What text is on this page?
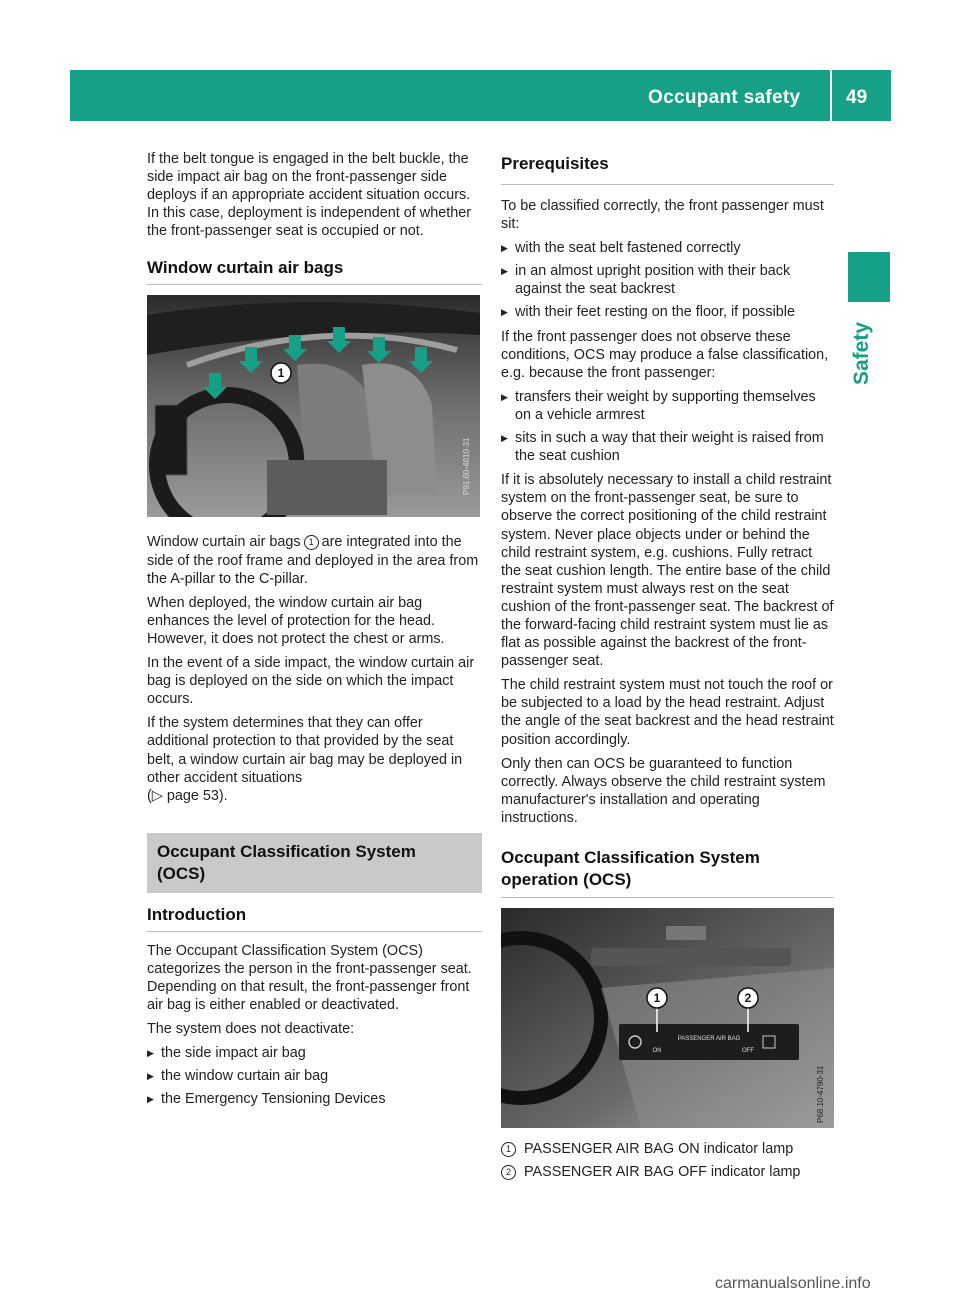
Occupant safety 49
Safety

If the belt tongue is engaged in the belt buckle, the side impact air bag on the front-passenger side deploys if an appropriate accident situation occurs. In this case, deployment is independent of whether the front-passenger seat is occupied or not.

Window curtain air bags
1
P91.60-4810-31

Window curtain air bags 1 are integrated into the side of the roof frame and deployed in the area from the A-pillar to the C-pillar.

When deployed, the window curtain air bag enhances the level of protection for the head. However, it does not protect the chest or arms.

In the event of a side impact, the window curtain air bag is deployed on the side on which the impact occurs.

If the system determines that they can offer additional protection to that provided by the seat belt, a window curtain air bag may be deployed in other accident situations
(▷ page 53).

Occupant Classification System
(OCS)
Introduction

The Occupant Classification System (OCS) categorizes the person in the front-passenger seat. Depending on that result, the front-passenger front air bag is either enabled or deactivated.

The system does not deactivate:

▶ the side impact air bag
▶ the window curtain air bag
▶ the Emergency Tensioning Devices
Prerequisites

To be classified correctly, the front passenger must sit:

▶ with the seat belt fastened correctly
▶ in an almost upright position with their back against the seat backrest
▶ with their feet resting on the floor, if possible

If the front passenger does not observe these conditions, OCS may produce a false classification, e.g. because the front passenger:

▶ transfers their weight by supporting themselves on a vehicle armrest
▶ sits in such a way that their weight is raised from the seat cushion

If it is absolutely necessary to install a child restraint system on the front-passenger seat, be sure to observe the correct positioning of the child restraint system. Never place objects under or behind the child restraint system, e.g. cushions. Fully retract the seat cushion length. The entire base of the child restraint system must always rest on the seat cushion of the front-passenger seat. The backrest of the forward-facing child restraint system must lie as flat as possible against the backrest of the front-passenger seat.

The child restraint system must not touch the roof or be subjected to a load by the head restraint. Adjust the angle of the seat backrest and the head restraint position accordingly.

Only then can OCS be guaranteed to function correctly. Always observe the child restraint system manufacturer's installation and operating instructions.

Occupant Classification System operation (OCS)
ON
PASSENGER AIR BAG
OFF
1	2
P68.10-4790-31
1 PASSENGER AIR BAG ON indicator lamp
2 PASSENGER AIR BAG OFF indicator lamp
carmanualsonline.info
